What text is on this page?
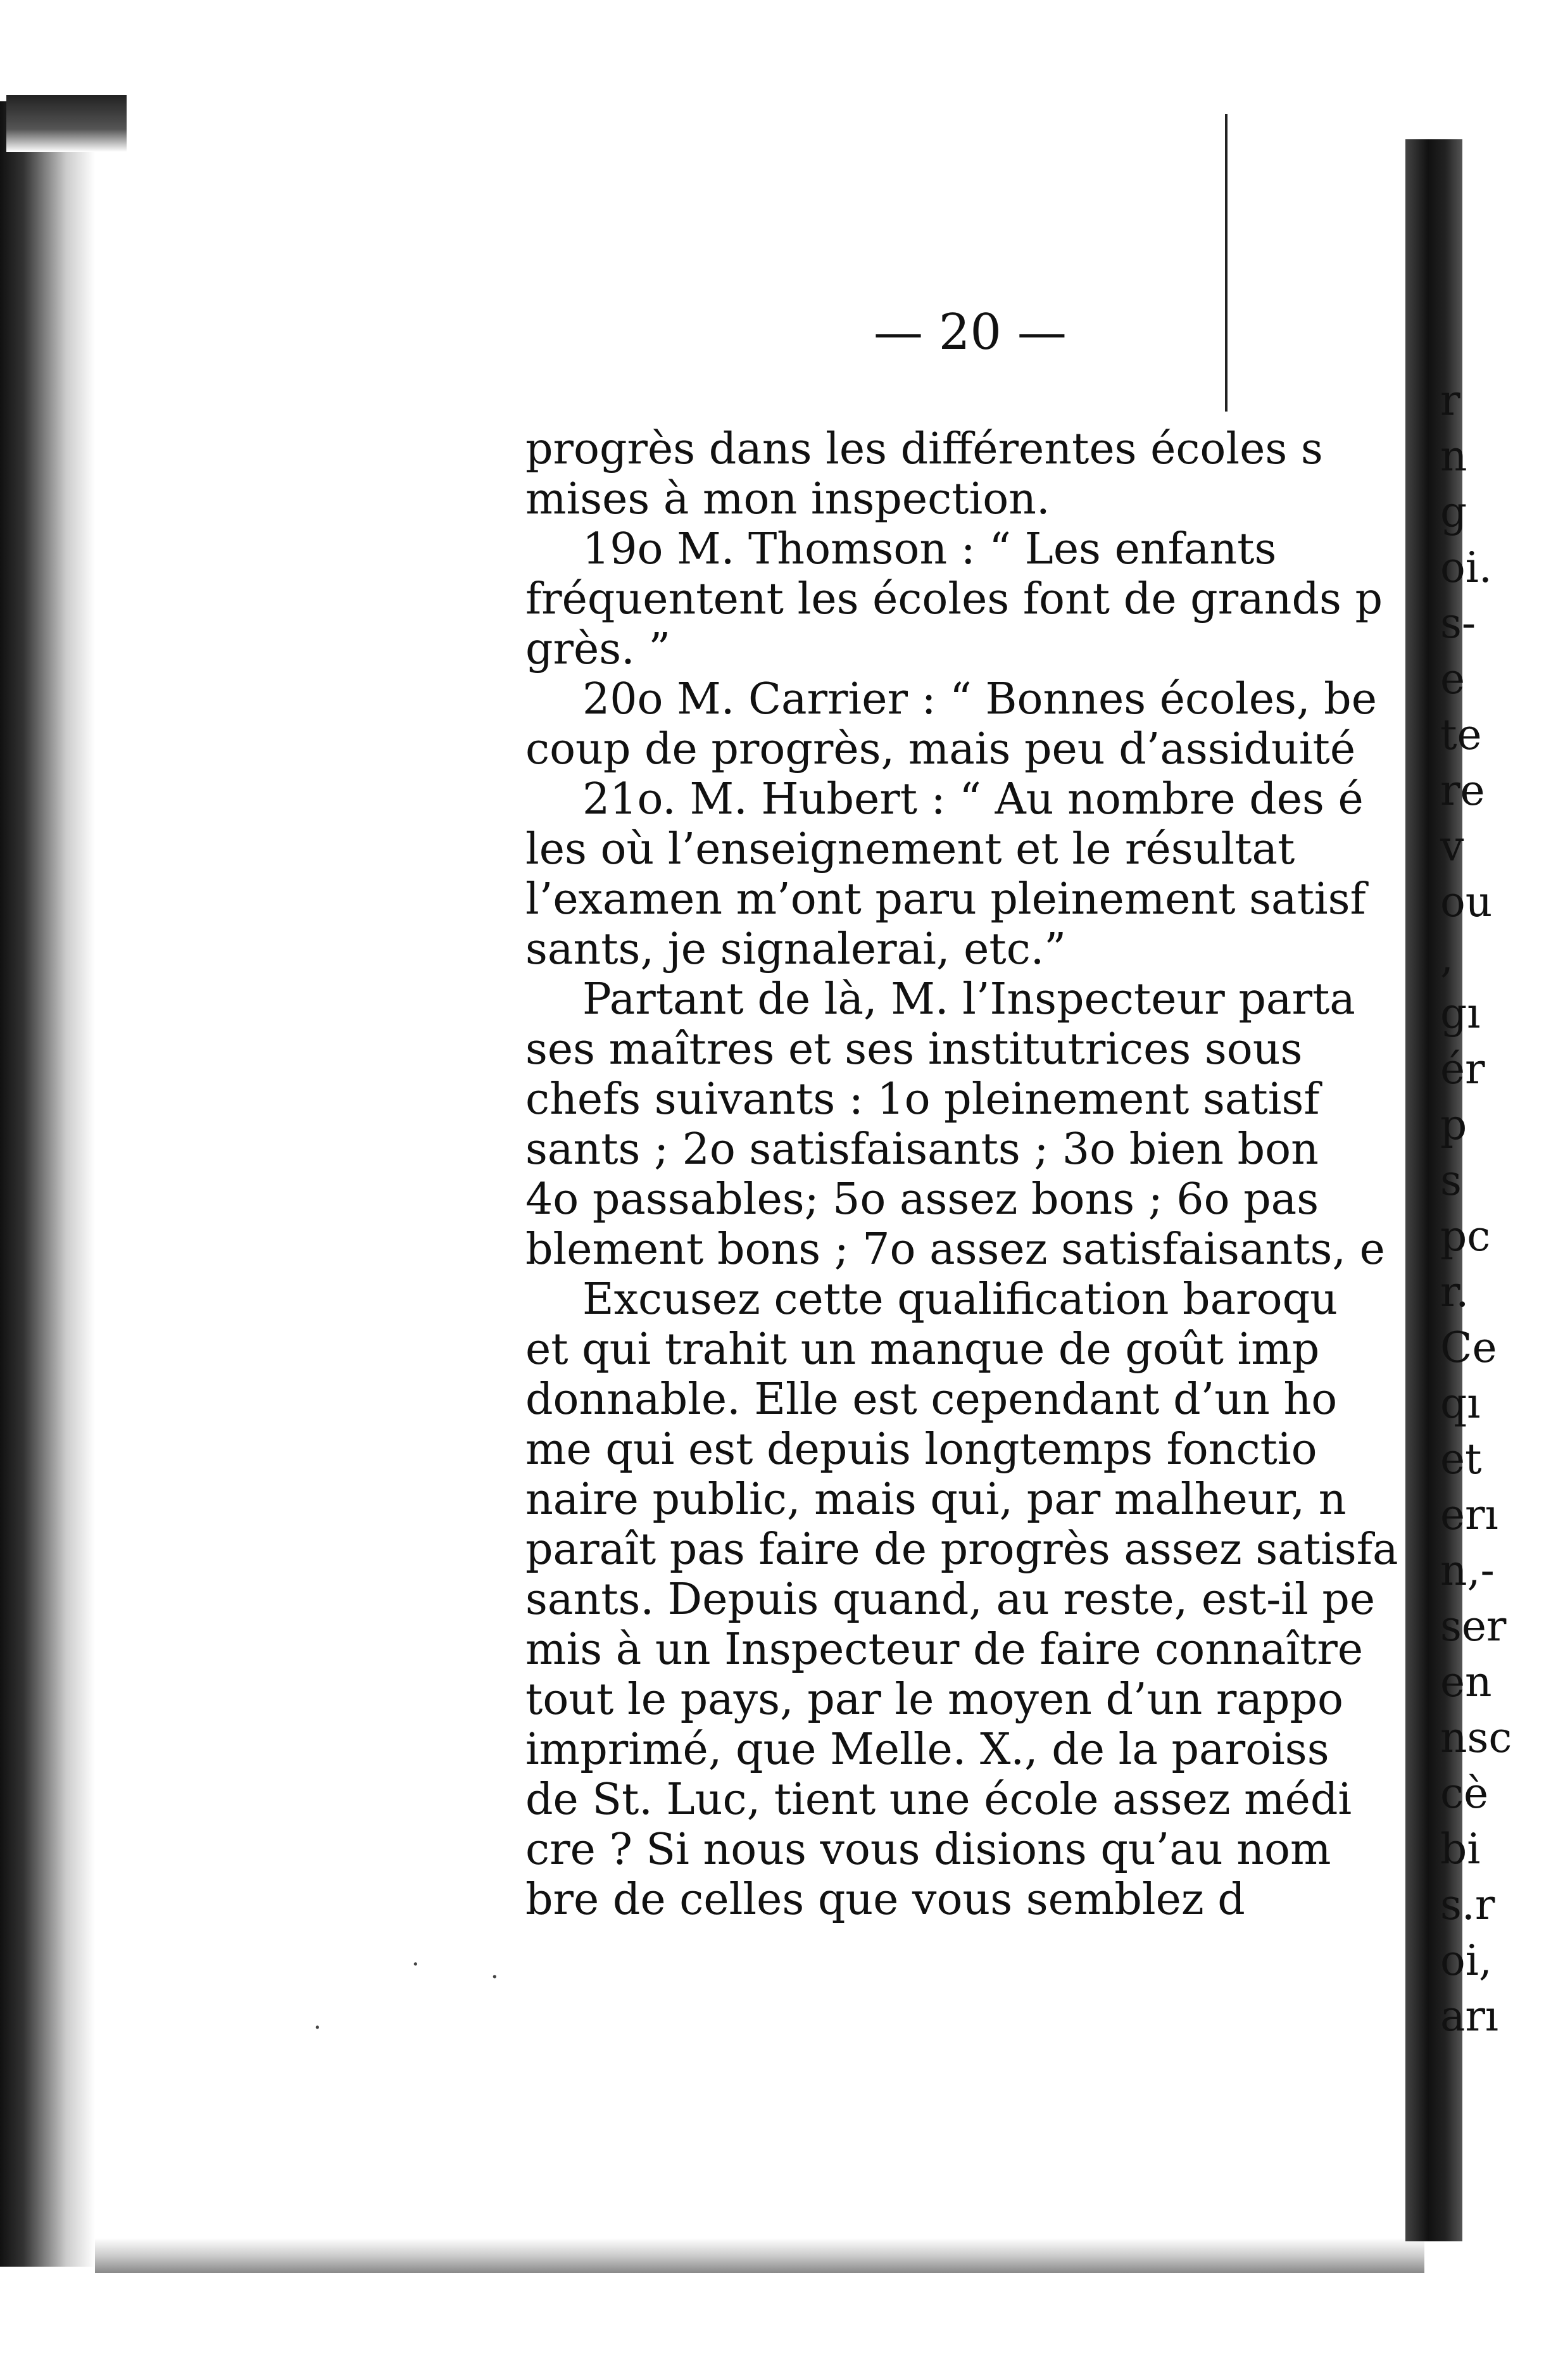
— 20 —
progrès dans les différentes écoles s
mises à mon inspection.
19o M. Thomson : “ Les enfants
fréquentent les écoles font de grands p
grès. ”
20o M. Carrier : “ Bonnes écoles, be
coup de progrès, mais peu d’assiduité
21o. M. Hubert : “ Au nombre des é
les où l’enseignement et le résultat
l’examen m’ont paru pleinement satisf
sants, je signalerai, etc.”
Partant de là, M. l’Inspecteur parta
ses maîtres et ses institutrices sous
chefs suivants : 1o pleinement satisf
sants ; 2o satisfaisants ; 3o bien bon
4o passables; 5o assez bons ; 6o pas
blement bons ; 7o assez satisfaisants, e
Excusez cette qualification baroqu
et qui trahit un manque de goût imp
donnable. Elle est cependant d’un ho
me qui est depuis longtemps fonctio
naire public, mais qui, par malheur, n
paraît pas faire de progrès assez satisfa
sants. Depuis quand, au reste, est-il pe
mis à un Inspecteur de faire connaître
tout le pays, par le moyen d’un rappo
imprimé, que Melle. X., de la paroiss
de St. Luc, tient une école assez médi
cre ? Si nous vous disions qu’au nom
bre de celles que vous semblez d
r
n
g
oi.
s-
e
te
re
v
ou
,
gı
ér
p
s
pc
r.
Ce
qı
et
erı
n,-
ser
en
nsc
cè
bi
s.r
oi,
arı
·	·
·
